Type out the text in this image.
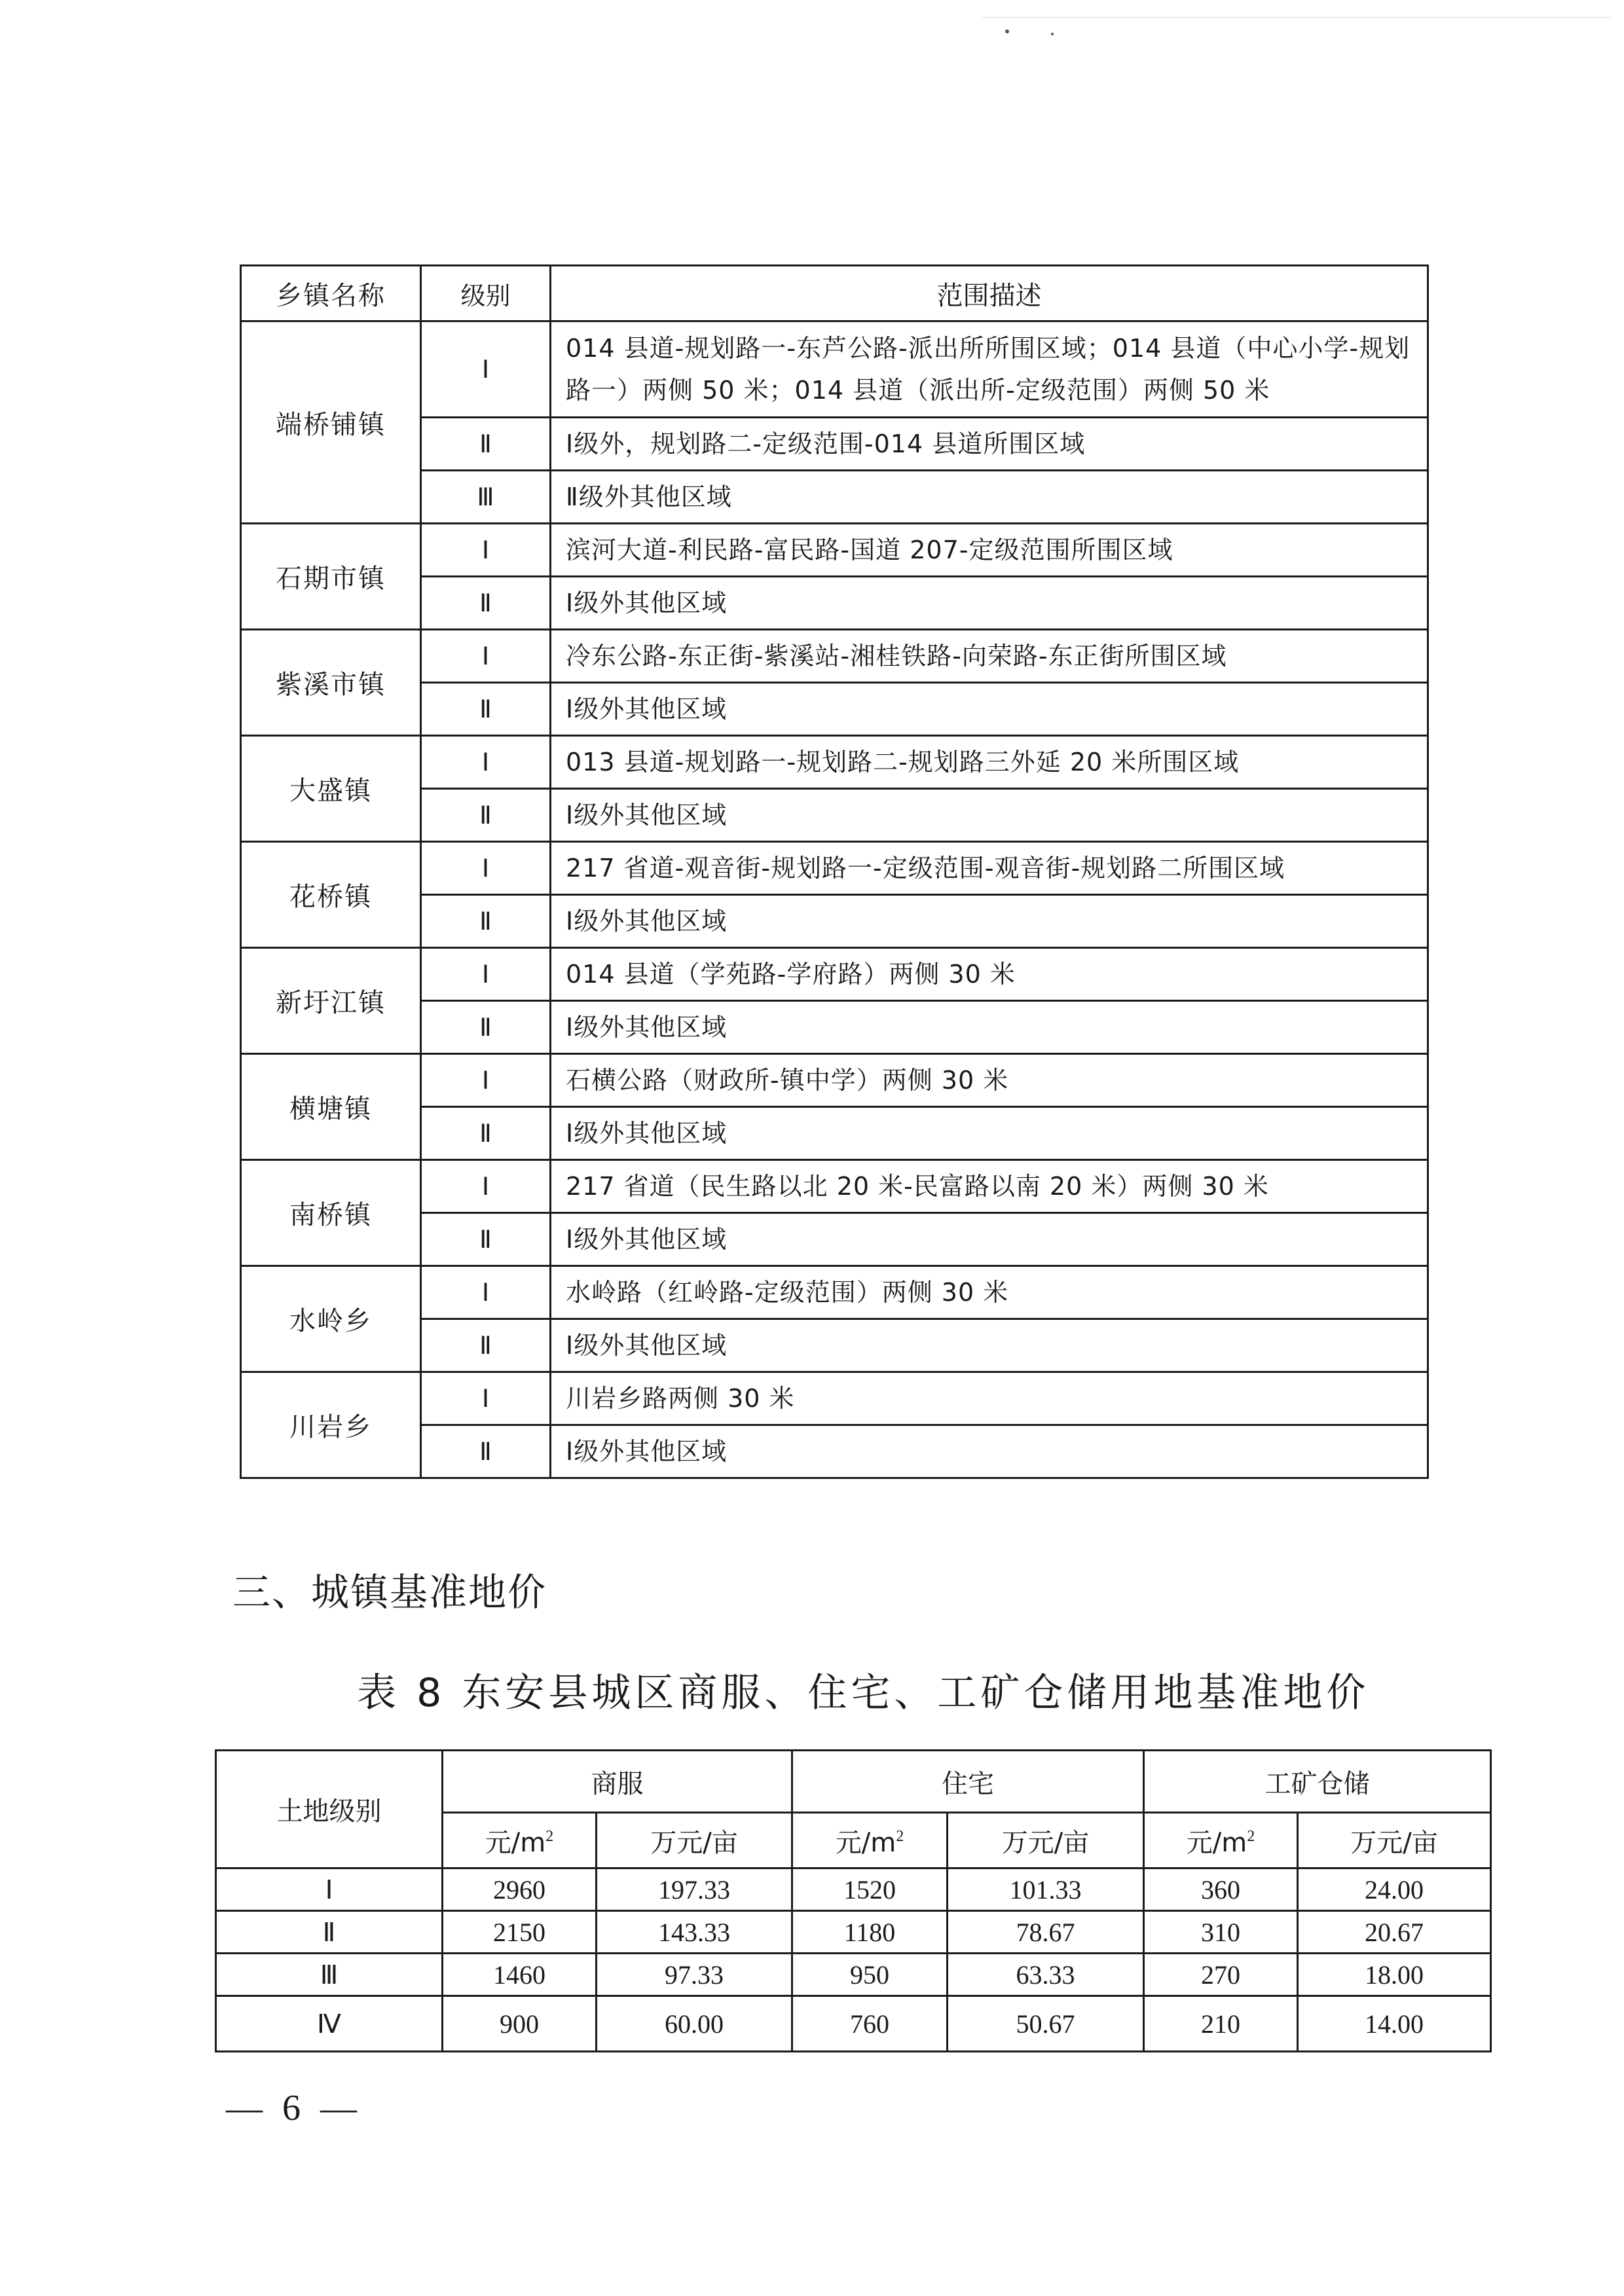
乡镇名称	级别	范围描述
端桥铺镇	Ⅰ	014 县道-规划路一-东芦公路-派出所所围区域；014 县道（中心小学-规划路一）两侧 50 米；014 县道（派出所-定级范围）两侧 50 米
	Ⅱ	Ⅰ级外，规划路二-定级范围-014 县道所围区域
	Ⅲ	Ⅱ级外其他区域
石期市镇	Ⅰ	滨河大道-利民路-富民路-国道 207-定级范围所围区域
	Ⅱ	Ⅰ级外其他区域
紫溪市镇	Ⅰ	冷东公路-东正街-紫溪站-湘桂铁路-向荣路-东正街所围区域
	Ⅱ	Ⅰ级外其他区域
大盛镇	Ⅰ	013 县道-规划路一-规划路二-规划路三外延 20 米所围区域
	Ⅱ	Ⅰ级外其他区域
花桥镇	Ⅰ	217 省道-观音街-规划路一-定级范围-观音街-规划路二所围区域
	Ⅱ	Ⅰ级外其他区域
新圩江镇	Ⅰ	014 县道（学苑路-学府路）两侧 30 米
	Ⅱ	Ⅰ级外其他区域
横塘镇	Ⅰ	石横公路（财政所-镇中学）两侧 30 米
	Ⅱ	Ⅰ级外其他区域
南桥镇	Ⅰ	217 省道（民生路以北 20 米-民富路以南 20 米）两侧 30 米
	Ⅱ	Ⅰ级外其他区域
水岭乡	Ⅰ	水岭路（红岭路-定级范围）两侧 30 米
	Ⅱ	Ⅰ级外其他区域
川岩乡	Ⅰ	川岩乡路两侧 30 米
	Ⅱ	Ⅰ级外其他区域
三、城镇基准地价
表 8 东安县城区商服、住宅、工矿仓储用地基准地价
土地级别	商服		住宅		工矿仓储	
	元$/m^2$	万元/亩	元$/m^2$	万元/亩	元$/m^2$	万元/亩
Ⅰ	2960	197.33	1520	101.33	360	24.00
Ⅱ	2150	143.33	1180	78.67	310	20.67
Ⅲ	1460	97.33	950	63.33	270	18.00
Ⅳ	900	60.00	760	50.67	210	14.00
— 6 —
